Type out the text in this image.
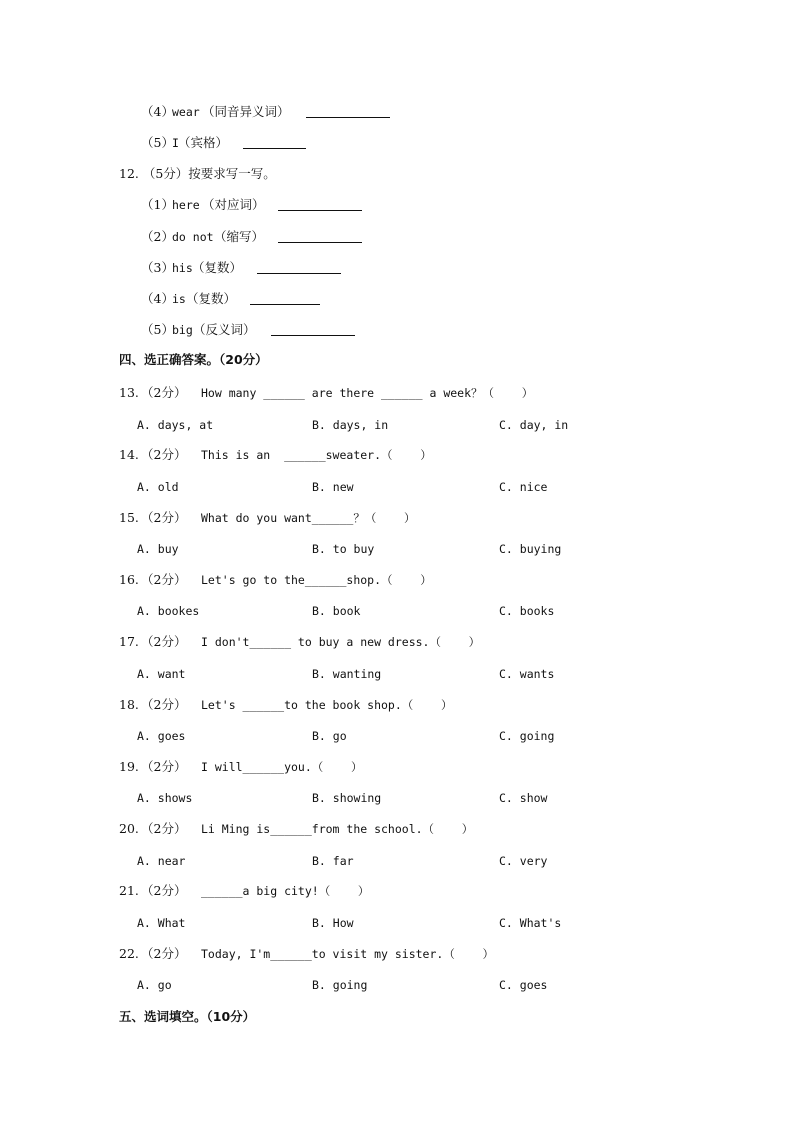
（4）

wear

（同音异义词）

（5）

I

（宾格）

12. （5分）按要求写一写。

（1）

here

（对应词）

（2）

do not

（缩写）

（3）

his

（复数）

（4）

is

（复数）

（5）

big

（反义词）

四、选正确答案。（20分）

13. （2分） How many ______ are there ______ a week？（    ）
A. days, at	B. days, in	C. day, in
14. （2分） This is an  ______sweater.（    ）
A. old	B. new	C. nice
15. （2分） What do you want______？（    ）
A. buy	B. to buy	C. buying
16. （2分） Let's go to the______shop.（    ）
A. bookes	B. book	C. books
17. （2分） I don't______ to buy a new dress.（    ）
A. want	B. wanting	C. wants
18. （2分） Let's ______to the book shop.（    ）
A. goes	B. go	C. going
19. （2分） I will______you.（    ）
A. shows	B. showing	C. show
20. （2分） Li Ming is______from the school.（    ）
A. near	B. far	C. very
21. （2分） ______a big city!（    ）
A. What	B. How	C. What's
22. （2分） Today, I'm______to visit my sister.（    ）
A. go	B. going	C. goes

五、选词填空。（10分）
